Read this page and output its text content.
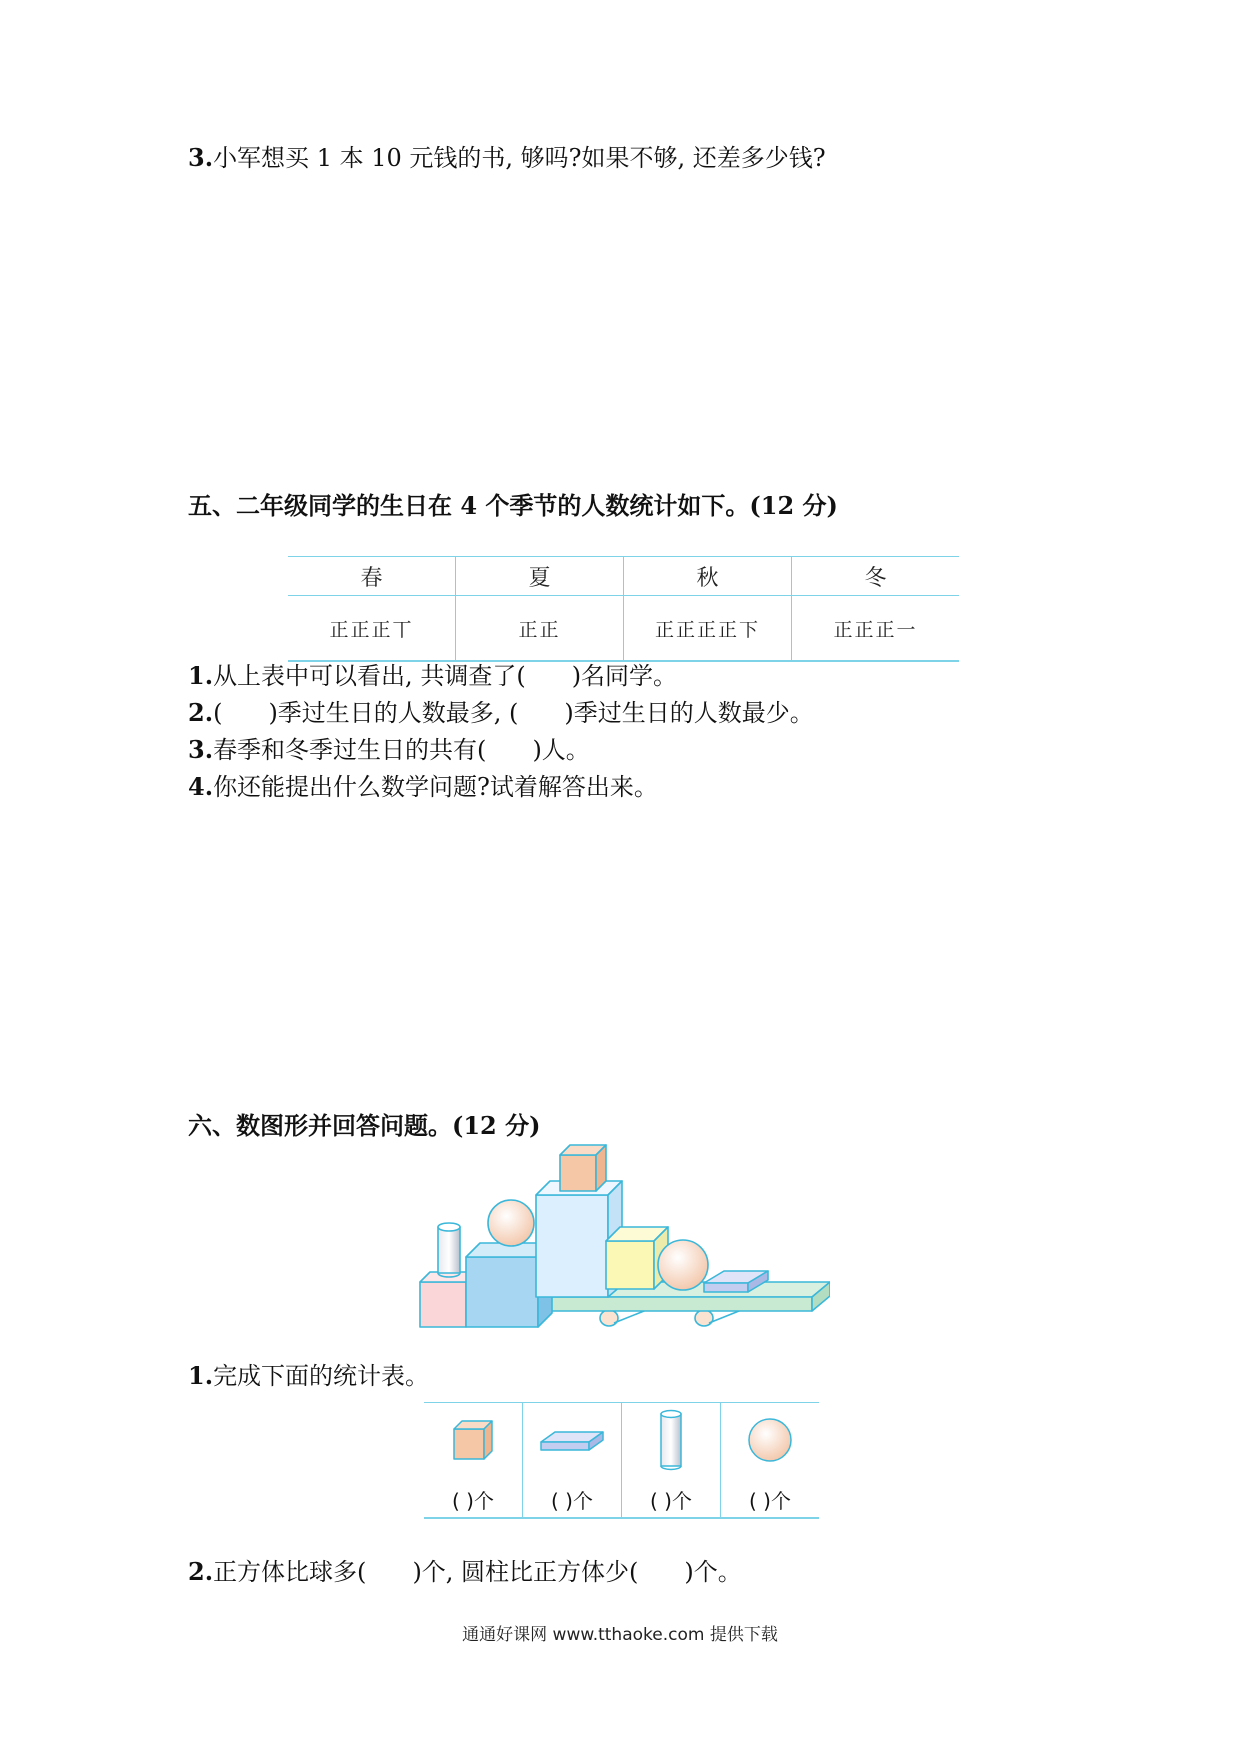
3.小军想买 1 本 10 元钱的书, 够吗?如果不够, 还差多少钱?
五、二年级同学的生日在 4 个季节的人数统计如下。(12 分)
春	夏	秋	冬
正正正丅	正正	正正正正下	正正正一
1.从上表中可以看出, 共调查了( )名同学。
2.( )季过生日的人数最多, ( )季过生日的人数最少。
3.春季和冬季过生日的共有( )人。
4.你还能提出什么数学问题?试着解答出来。
六、数图形并回答问题。(12 分)
1.完成下面的统计表。

( )个	( )个	( )个	( )个
2.正方体比球多( )个, 圆柱比正方体少( )个。
通通好课网 www.tthaoke.com 提供下载
